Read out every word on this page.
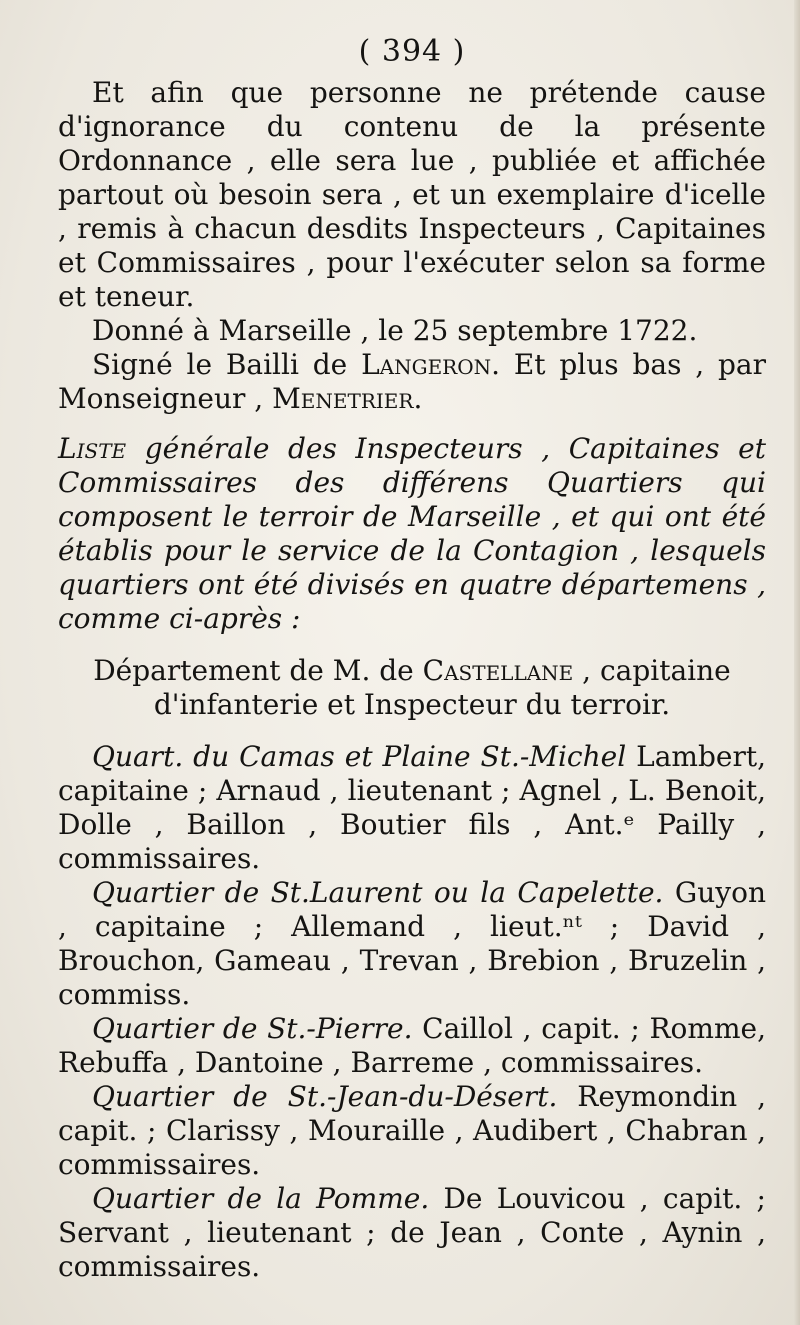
( 394 )

Et afin que personne ne prétende cause d'ignorance du contenu de la présente Ordonnance , elle sera lue , publiée et affichée partout où besoin sera , et un exemplaire d'icelle , remis à chacun desdits Inspecteurs , Capitaines et Commissaires , pour l'exécuter selon sa forme et teneur.

Donné à Marseille , le 25 septembre 1722.

Signé le Bailli de Langeron. Et plus bas , par Monseigneur , Menetrier.

Liste générale des Inspecteurs , Capitaines et Commissaires des différens Quartiers qui composent le terroir de Marseille , et qui ont été établis pour le service de la Contagion , lesquels quartiers ont été divisés en quatre départemens , comme ci-après :

Département de M. de Castellane , capitaine
d'infanterie et Inspecteur du terroir.

Quart. du Camas et Plaine St.-Michel Lambert, capitaine ; Arnaud , lieutenant ; Agnel , L. Benoit, Dolle , Baillon , Boutier fils , Ant.ᵉ Pailly , commissaires.

Quartier de St.Laurent ou la Capelette. Guyon , capitaine ; Allemand , lieut.ⁿᵗ ; David , Brouchon, Gameau , Trevan , Brebion , Bruzelin , commiss.

Quartier de St.-Pierre. Caillol , capit. ; Romme, Rebuffa , Dantoine , Barreme , commissaires.

Quartier de St.-Jean-du-Désert. Reymondin , capit. ; Clarissy , Mouraille , Audibert , Chabran , commissaires.

Quartier de la Pomme. De Louvicou , capit. ; Servant , lieutenant ; de Jean , Conte , Aynin , commissaires.
